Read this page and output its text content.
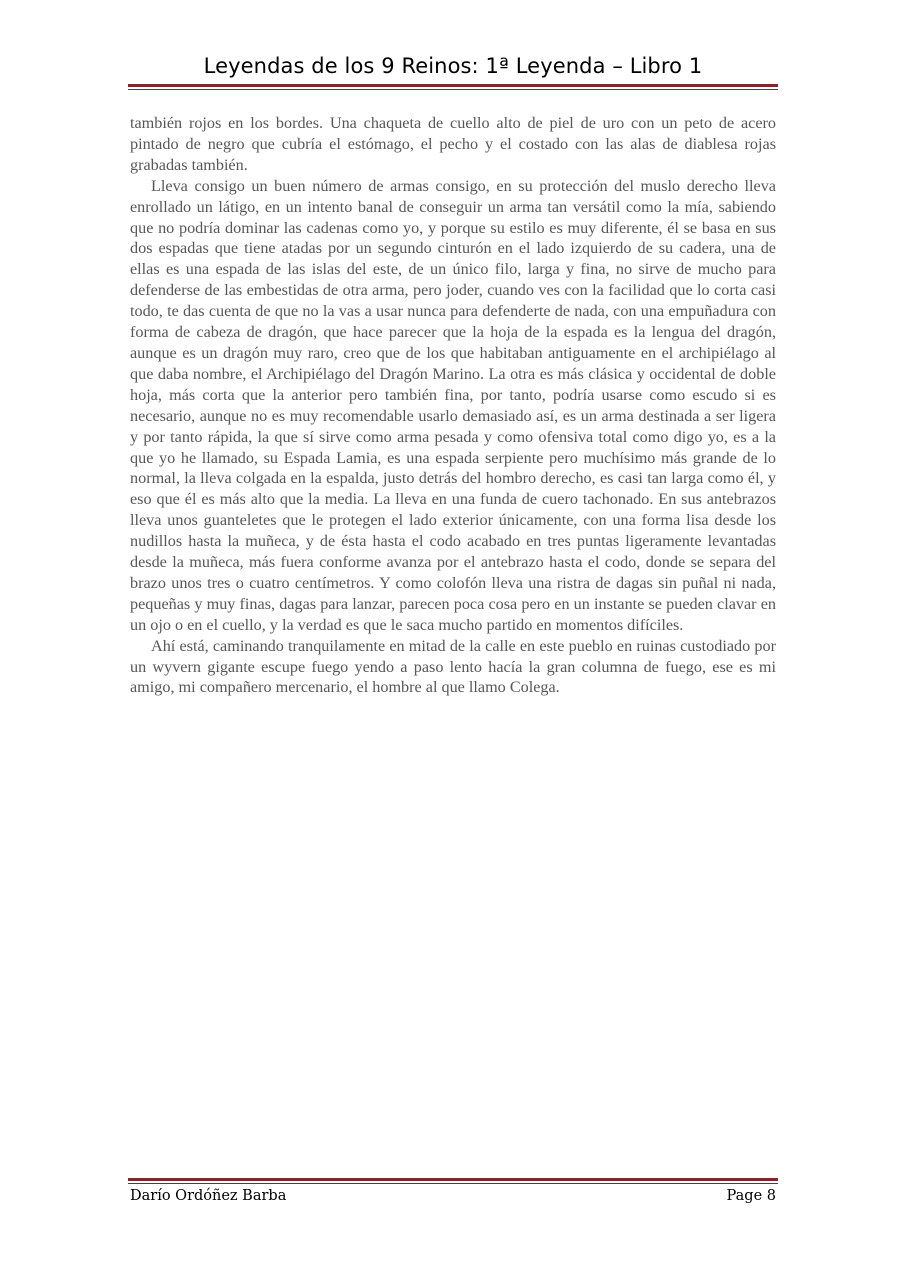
Leyendas de los 9 Reinos: 1ª Leyenda – Libro 1

también rojos en los bordes. Una chaqueta de cuello alto de piel de uro con un peto de acero pintado de negro que cubría el estómago, el pecho y el costado con las alas de diablesa rojas grabadas también.

Lleva consigo un buen número de armas consigo, en su protección del muslo derecho lleva enrollado un látigo, en un intento banal de conseguir un arma tan versátil como la mía, sabiendo que no podría dominar las cadenas como yo, y porque su estilo es muy diferente, él se basa en sus dos espadas que tiene atadas por un segundo cinturón en el lado izquierdo de su cadera, una de ellas es una espada de las islas del este, de un único filo, larga y fina, no sirve de mucho para defenderse de las embestidas de otra arma, pero joder, cuando ves con la facilidad que lo corta casi todo, te das cuenta de que no la vas a usar nunca para defenderte de nada, con una empuñadura con forma de cabeza de dragón, que hace parecer que la hoja de la espada es la lengua del dragón, aunque es un dragón muy raro, creo que de los que habitaban antiguamente en el archipiélago al que daba nombre, el Archipiélago del Dragón Marino. La otra es más clásica y occidental de doble hoja, más corta que la anterior pero también fina, por tanto, podría usarse como escudo si es necesario, aunque no es muy recomendable usarlo demasiado así, es un arma destinada a ser ligera y por tanto rápida, la que sí sirve como arma pesada y como ofensiva total como digo yo, es a la que yo he llamado, su Espada Lamia, es una espada serpiente pero muchísimo más grande de lo normal, la lleva colgada en la espalda, justo detrás del hombro derecho, es casi tan larga como él, y eso que él es más alto que la media. La lleva en una funda de cuero tachonado. En sus antebrazos lleva unos guanteletes que le protegen el lado exterior únicamente, con una forma lisa desde los nudillos hasta la muñeca, y de ésta hasta el codo acabado en tres puntas ligeramente levantadas desde la muñeca, más fuera conforme avanza por el antebrazo hasta el codo, donde se separa del brazo unos tres o cuatro centímetros. Y como colofón lleva una ristra de dagas sin puñal ni nada, pequeñas y muy finas, dagas para lanzar, parecen poca cosa pero en un instante se pueden clavar en un ojo o en el cuello, y la verdad es que le saca mucho partido en momentos difíciles.

Ahí está, caminando tranquilamente en mitad de la calle en este pueblo en ruinas custodiado por un wyvern gigante escupe fuego yendo a paso lento hacía la gran columna de fuego, ese es mi amigo, mi compañero mercenario, el hombre al que llamo Colega.

Darío Ordóñez Barba	Page 8
